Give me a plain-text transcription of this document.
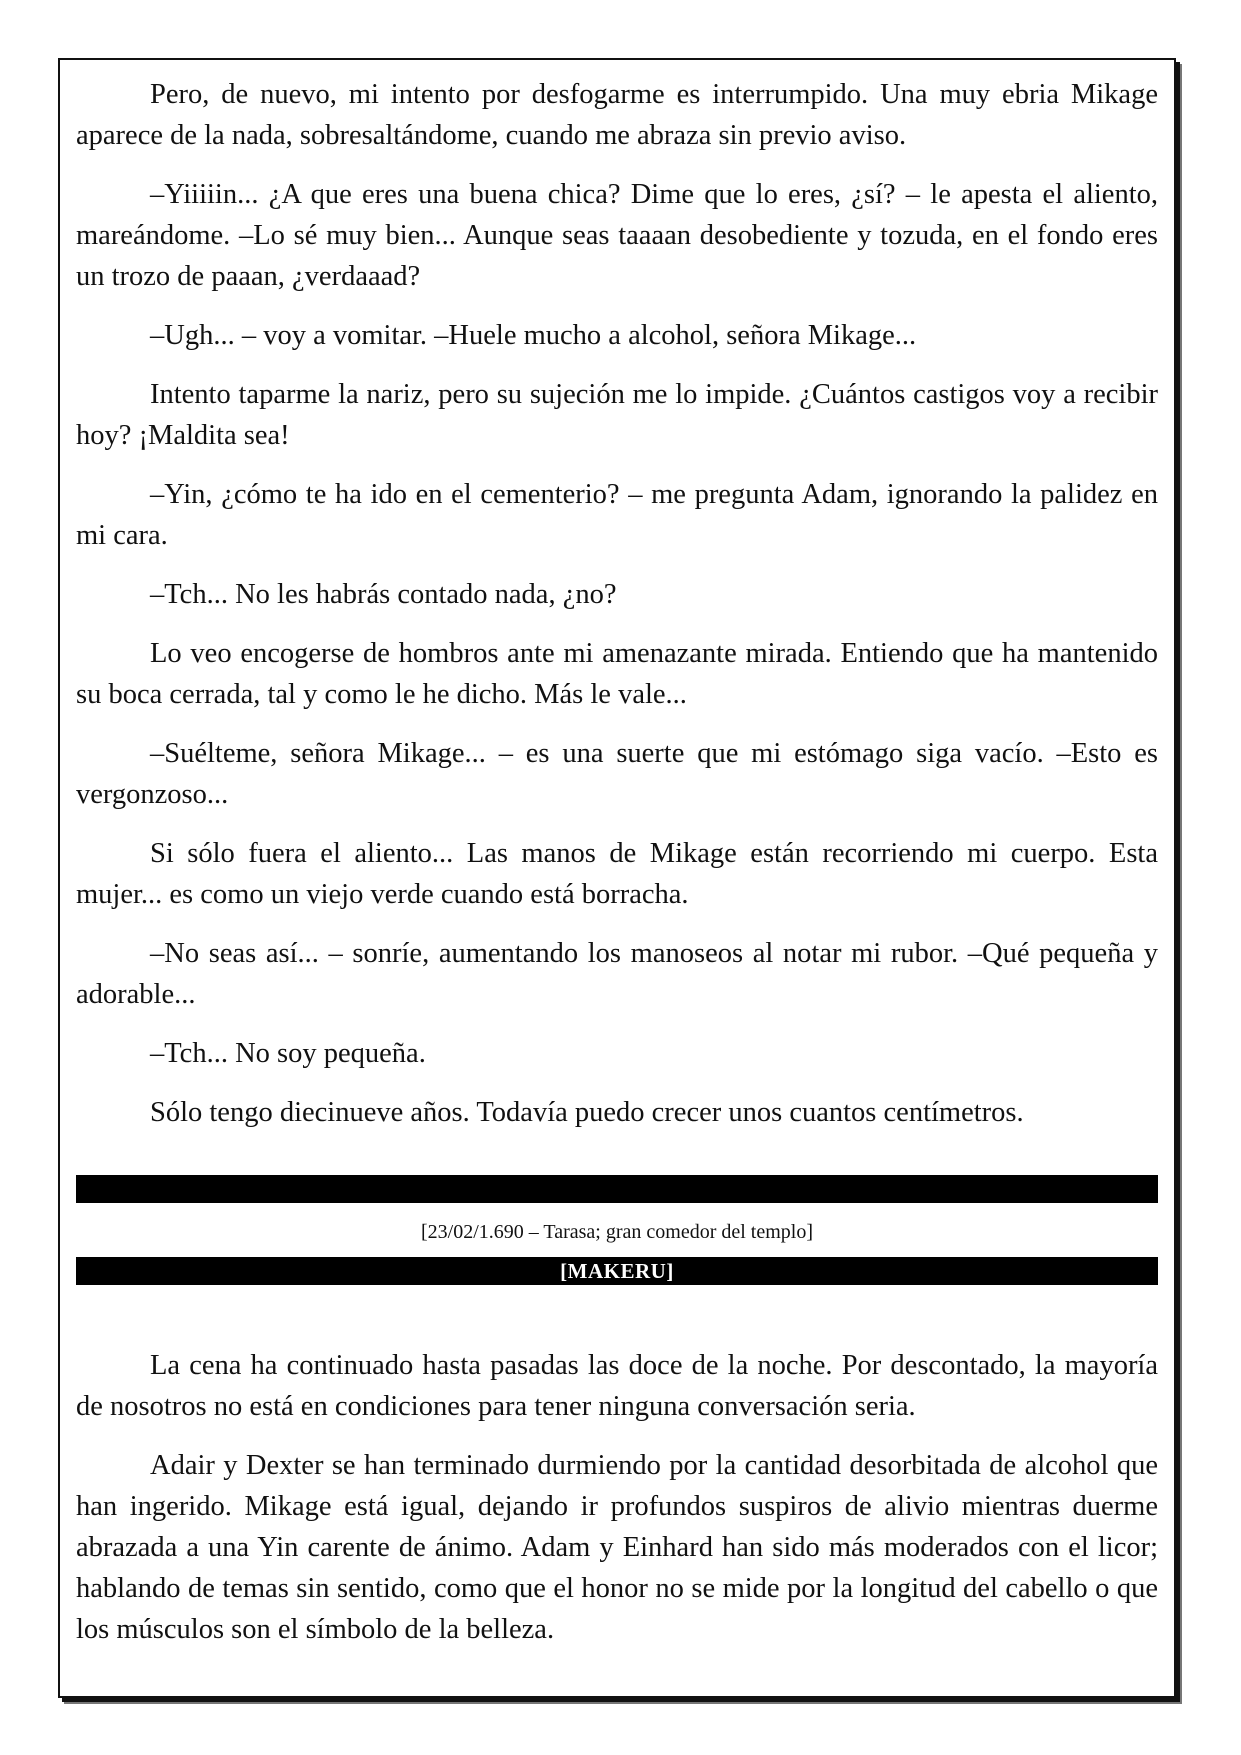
Pero, de nuevo, mi intento por desfogarme es interrumpido. Una muy ebria Mikage aparece de la nada, sobresaltándome, cuando me abraza sin previo aviso.

–Yiiiiin... ¿A que eres una buena chica? Dime que lo eres, ¿sí? – le apesta el aliento, mareándome. –Lo sé muy bien... Aunque seas taaaan desobediente y tozuda, en el fondo eres un trozo de paaan, ¿verdaaad?

–Ugh... – voy a vomitar. –Huele mucho a alcohol, señora Mikage...

Intento taparme la nariz, pero su sujeción me lo impide. ¿Cuántos castigos voy a recibir hoy? ¡Maldita sea!

–Yin, ¿cómo te ha ido en el cementerio? – me pregunta Adam, ignorando la palidez en mi cara.

–Tch... No les habrás contado nada, ¿no?

Lo veo encogerse de hombros ante mi amenazante mirada. Entiendo que ha mantenido su boca cerrada, tal y como le he dicho. Más le vale...

–Suélteme, señora Mikage... – es una suerte que mi estómago siga vacío. –Esto es vergonzoso...

Si sólo fuera el aliento... Las manos de Mikage están recorriendo mi cuerpo. Esta mujer... es como un viejo verde cuando está borracha.

–No seas así... – sonríe, aumentando los manoseos al notar mi rubor. –Qué pequeña y adorable...

–Tch... No soy pequeña.

Sólo tengo diecinueve años. Todavía puedo crecer unos cuantos centímetros.

[23/02/1.690 – Tarasa; gran comedor del templo]
[MAKERU]

La cena ha continuado hasta pasadas las doce de la noche. Por descontado, la mayoría de nosotros no está en condiciones para tener ninguna conversación seria.

Adair y Dexter se han terminado durmiendo por la cantidad desorbitada de alcohol que han ingerido. Mikage está igual, dejando ir profundos suspiros de alivio mientras duerme abrazada a una Yin carente de ánimo. Adam y Einhard han sido más moderados con el licor; hablando de temas sin sentido, como que el honor no se mide por la longitud del cabello o que los músculos son el símbolo de la belleza.
